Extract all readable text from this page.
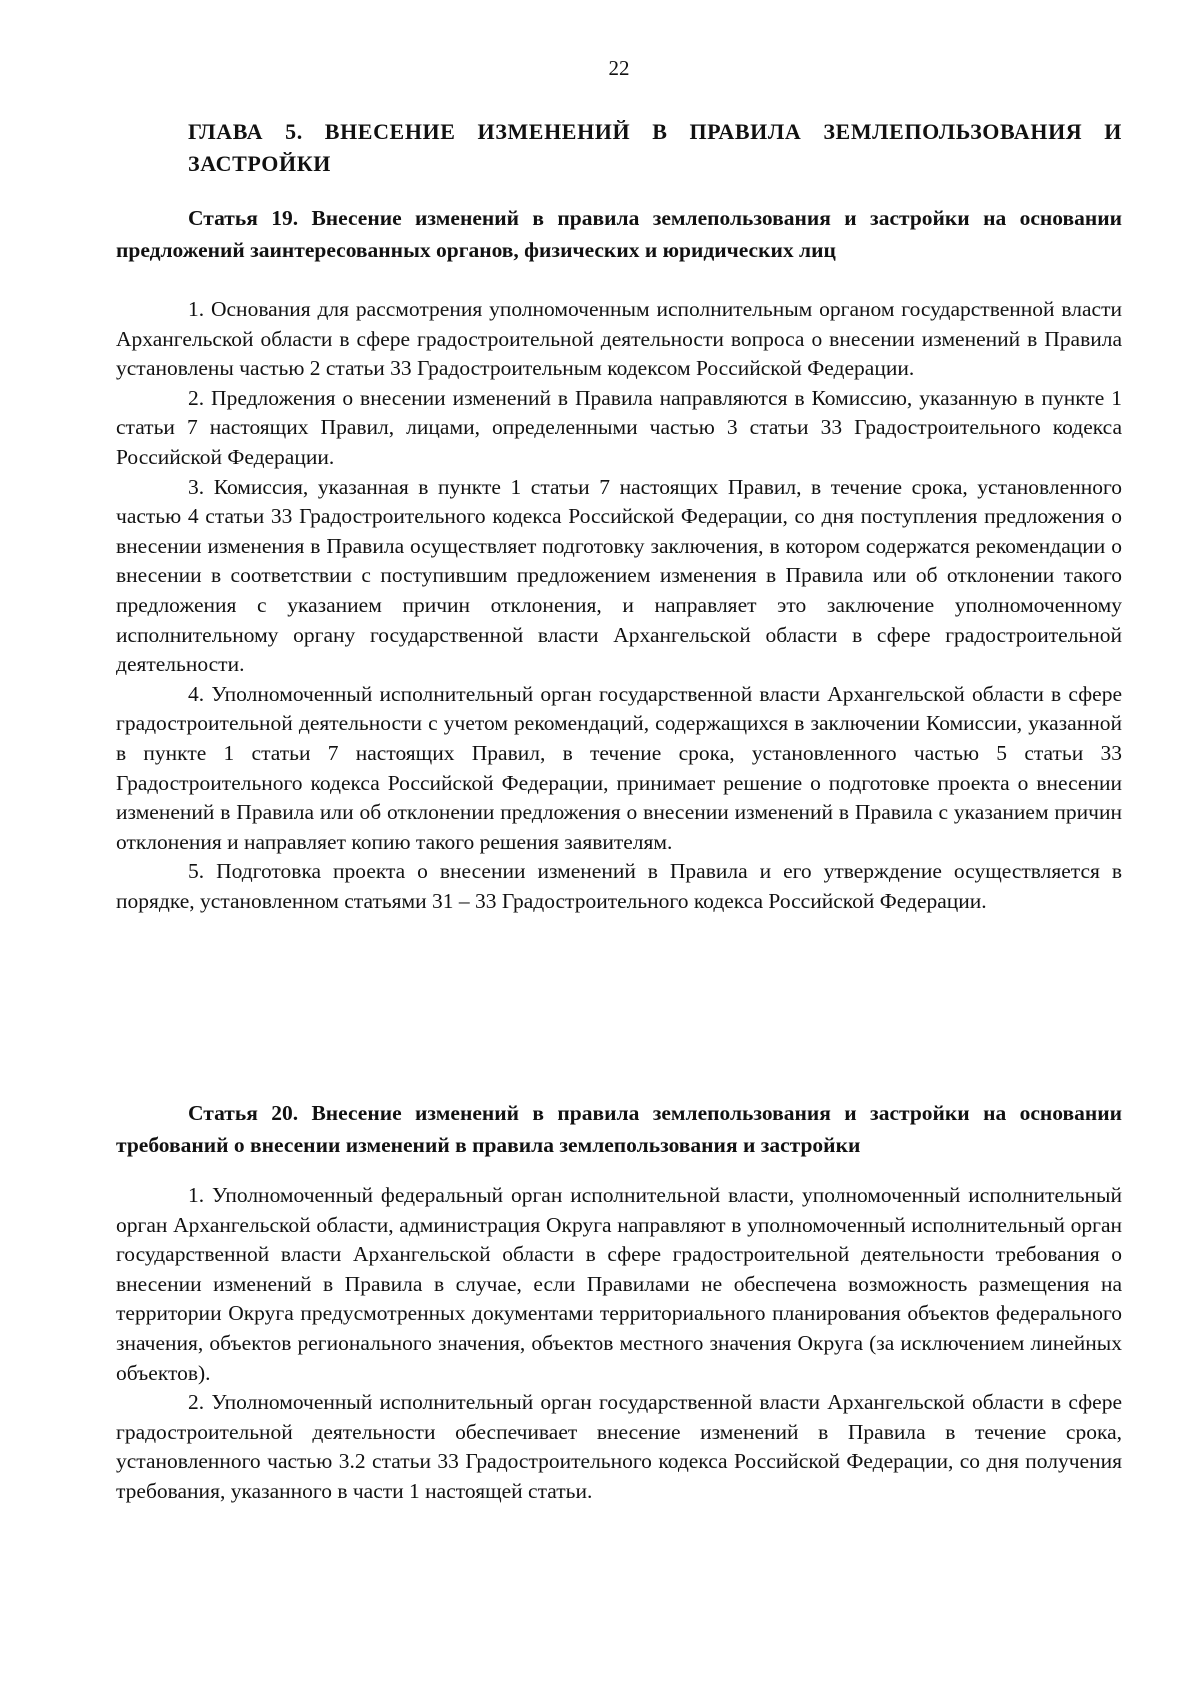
22
ГЛАВА 5. ВНЕСЕНИЕ ИЗМЕНЕНИЙ В ПРАВИЛА ЗЕМЛЕПОЛЬЗОВАНИЯ И ЗАСТРОЙКИ
Статья 19. Внесение изменений в правила землепользования и застройки на основании предложений заинтересованных органов, физических и юридических лиц

1. Основания для рассмотрения уполномоченным исполнительным органом государственной власти Архангельской области в сфере градостроительной деятельности вопроса о внесении изменений в Правила установлены частью 2 статьи 33 Градостроительным кодексом Российской Федерации.

2. Предложения о внесении изменений в Правила направляются в Комиссию, указанную в пункте 1 статьи 7 настоящих Правил, лицами, определенными частью 3 статьи 33 Градостроительного кодекса Российской Федерации.

3. Комиссия, указанная в пункте 1 статьи 7 настоящих Правил, в течение срока, установленного частью 4 статьи 33 Градостроительного кодекса Российской Федерации, со дня поступления предложения о внесении изменения в Правила осуществляет подготовку заключения, в котором содержатся рекомендации о внесении в соответствии с поступившим предложением изменения в Правила или об отклонении такого предложения с указанием причин отклонения, и направляет это заключение уполномоченному исполнительному органу государственной власти Архангельской области в сфере градостроительной деятельности.

4. Уполномоченный исполнительный орган государственной власти Архангельской области в сфере градостроительной деятельности с учетом рекомендаций, содержащихся в заключении Комиссии, указанной в пункте 1 статьи 7 настоящих Правил, в течение срока, установленного частью 5 статьи 33 Градостроительного кодекса Российской Федерации, принимает решение о подготовке проекта о внесении изменений в Правила или об отклонении предложения о внесении изменений в Правила с указанием причин отклонения и направляет копию такого решения заявителям.

5. Подготовка проекта о внесении изменений в Правила и его утверждение осуществляется в порядке, установленном статьями 31 – 33 Градостроительного кодекса Российской Федерации.

Статья 20. Внесение изменений в правила землепользования и застройки на основании требований о внесении изменений в правила землепользования и застройки

1. Уполномоченный федеральный орган исполнительной власти, уполномоченный исполнительный орган Архангельской области, администрация Округа направляют в уполномоченный исполнительный орган государственной власти Архангельской области в сфере градостроительной деятельности требования о внесении изменений в Правила в случае, если Правилами не обеспечена возможность размещения на территории Округа предусмотренных документами территориального планирования объектов федерального значения, объектов регионального значения, объектов местного значения Округа (за исключением линейных объектов).

2. Уполномоченный исполнительный орган государственной власти Архангельской области в сфере градостроительной деятельности обеспечивает внесение изменений в Правила в течение срока, установленного частью 3.2 статьи 33 Градостроительного кодекса Российской Федерации, со дня получения требования, указанного в части 1 настоящей статьи.
